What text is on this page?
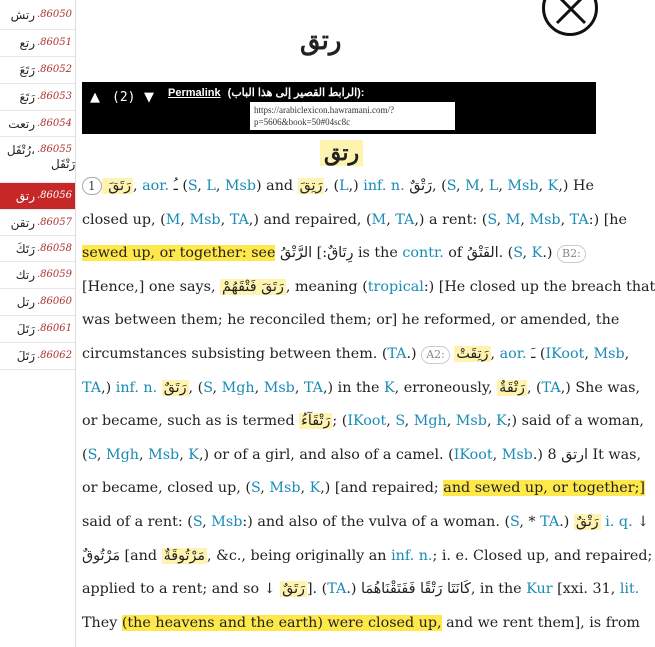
.86050
رتش
.86051
رتع
.86052
رَتَعَ
.86053
رَتَعَ
.86054
رتعت
.86055
رُتْقَل،
رَتْقَل
.86056
رتق
.86057
رتقن
.86058
رَتَكَ
.86059
رتك
.86060
رتل
.86061
رَتَلَ
.86062
رَتَلَ
رتق
▲ (2) ▼ Permalink (الرابط القصير إلى هذا الباب):
https://arabiclexicon.hawramani.com/?
p=5606&book=50#04sc8c
رتق
1 رَتَقَ , aor. ـُ (S, L, Msb) and رَتِقَ , (L,) inf. n. رَتْقٌ, (S, M, L, Msb, K,) He
closed up, (M, Msb, TA,) and repaired, (M, TA,) a rent: (S, M, Msb, TA:) [he
sewed up, or together: see رِتَاقٌ:] الرَّتْقُ is the contr. of الفَتْقُ. (S, K.) B2:
[Hence,] one says, رَتَقَ فَتْقَهُمْ , meaning (tropical:) [He closed up the breach that
was between them; he reconciled them; or] he reformed, or amended, the
circumstances subsisting between them. (TA.) A2: رَتِقَتْ , aor. ـَ (IKoot, Msb,
TA,) inf. n. رَتَقٌ , (S, Mgh, Msb, TA,) in the K, erroneously, رَتْقَةٌ , (TA,) She was,
or became, such as is termed رَتْقَآءُ ; (IKoot, S, Mgh, Msb, K;) said of a woman,
(S, Mgh, Msb, K,) or of a girl, and also of a camel. (IKoot, Msb.) 8 ارتق It was,
or became, closed up, (S, Msb, K,) [and repaired; and sewed up, or together;]
said of a rent: (S, Msb:) and also of the vulva of a woman. (S, * TA.) رَتْقٌ i. q. ↓
مَرْتُوقٌ [and مَرْتُوقَةٌ , &c., being originally an inf. n.; i. e. Closed up, and repaired;
applied to a rent; and so ↓ رَتَقٌ ]. (TA.) كَانَتَا رَتْقًا فَفَتَقْنَاهُمَا, in the Kur [xxi. 31, lit.
They (the heavens and the earth) were closed up, and we rent them], is from
